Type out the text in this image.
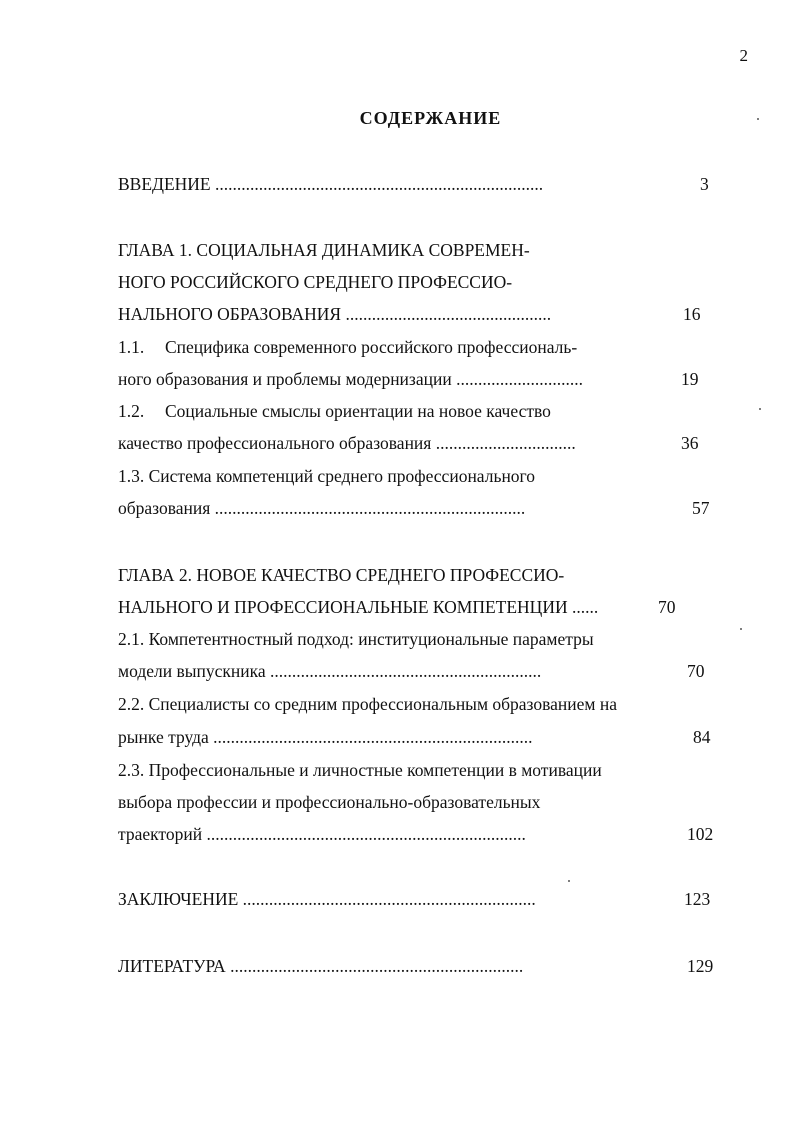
2
СОДЕРЖАНИЕ
ВВЕДЕНИЕ ...........................................................................	3
ГЛАВА 1. СОЦИАЛЬНАЯ ДИНАМИКА СОВРЕМЕН-
НОГО РОССИЙСКОГО СРЕДНЕГО ПРОФЕССИО-
НАЛЬНОГО ОБРАЗОВАНИЯ ...............................................	16
1.1. Специфика современного российского профессиональ-
ного образования и проблемы модернизации .............................	19
1.2. Социальные смыслы ориентации на новое качество
качество профессионального образования ................................	36
1.3. Система компетенций среднего профессионального
образования .......................................................................	57
ГЛАВА 2. НОВОЕ КАЧЕСТВО СРЕДНЕГО ПРОФЕССИО-
НАЛЬНОГО И ПРОФЕССИОНАЛЬНЫЕ КОМПЕТЕНЦИИ ......	70
2.1. Компетентностный подход: институциональные параметры
модели выпускника ..............................................................	70
2.2. Специалисты со средним профессиональным образованием на
рынке труда .........................................................................	84
2.3. Профессиональные и личностные компетенции в мотивации
выбора профессии и профессионально-образовательных
траекторий .........................................................................	102
ЗАКЛЮЧЕНИЕ ...................................................................	123
ЛИТЕРАТУРА ...................................................................	129
